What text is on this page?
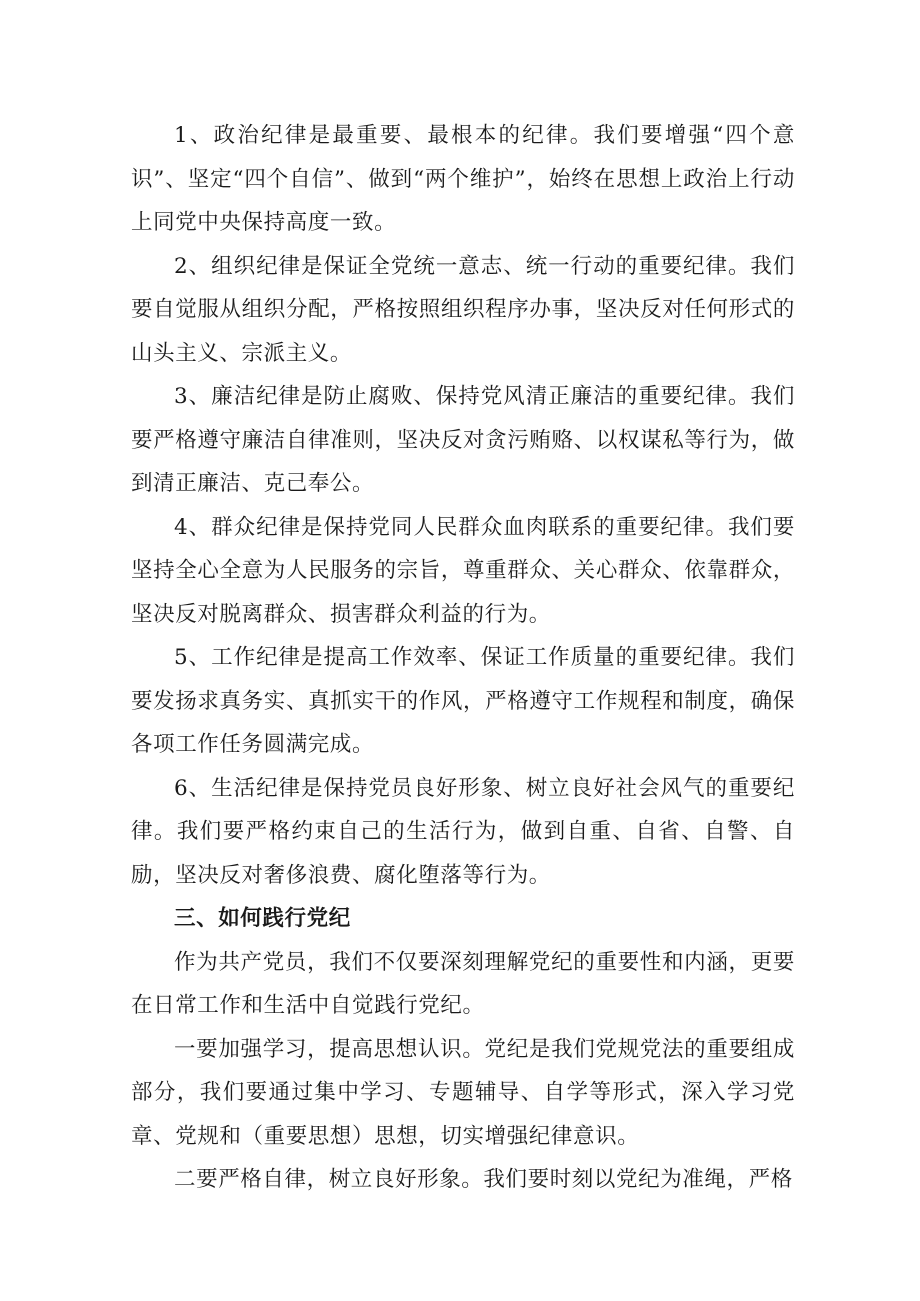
1、政治纪律是最重要、最根本的纪律。我们要增强“四个意识”、坚定“四个自信”、做到“两个维护”，始终在思想上政治上行动上同党中央保持高度一致。

2、组织纪律是保证全党统一意志、统一行动的重要纪律。我们要自觉服从组织分配，严格按照组织程序办事，坚决反对任何形式的山头主义、宗派主义。

3、廉洁纪律是防止腐败、保持党风清正廉洁的重要纪律。我们要严格遵守廉洁自律准则，坚决反对贪污贿赂、以权谋私等行为，做到清正廉洁、克己奉公。

4、群众纪律是保持党同人民群众血肉联系的重要纪律。我们要坚持全心全意为人民服务的宗旨，尊重群众、关心群众、依靠群众，坚决反对脱离群众、损害群众利益的行为。

5、工作纪律是提高工作效率、保证工作质量的重要纪律。我们要发扬求真务实、真抓实干的作风，严格遵守工作规程和制度，确保各项工作任务圆满完成。

6、生活纪律是保持党员良好形象、树立良好社会风气的重要纪律。我们要严格约束自己的生活行为，做到自重、自省、自警、自励，坚决反对奢侈浪费、腐化堕落等行为。

三、如何践行党纪

作为共产党员，我们不仅要深刻理解党纪的重要性和内涵，更要在日常工作和生活中自觉践行党纪。

一要加强学习，提高思想认识。党纪是我们党规党法的重要组成部分，我们要通过集中学习、专题辅导、自学等形式，深入学习党章、党规和（重要思想）思想，切实增强纪律意识。

二要严格自律，树立良好形象。我们要时刻以党纪为准绳，严格
